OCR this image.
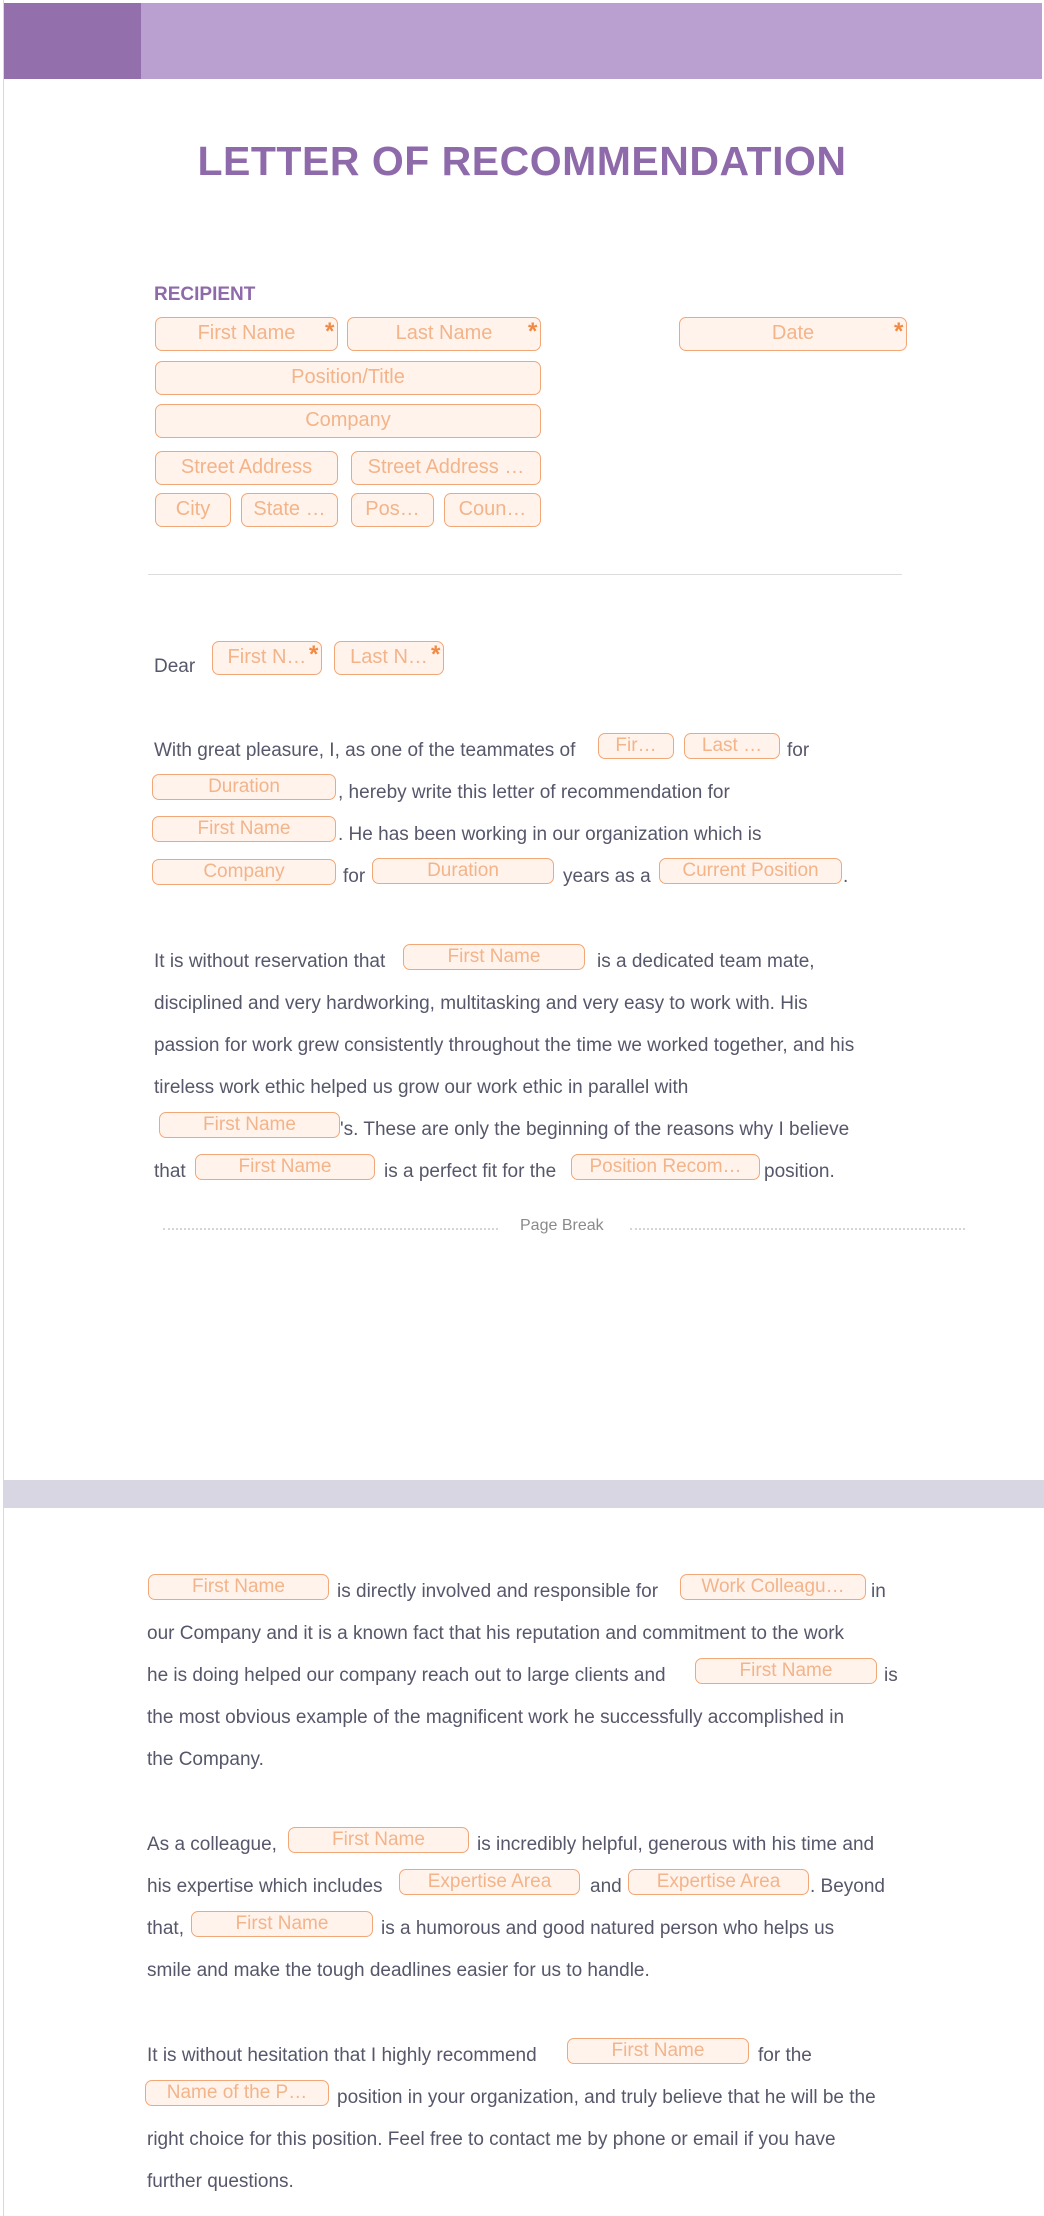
LETTER OF RECOMMENDATION
RECIPIENT
First Name	*	Last Name	*	Date	*
Position/Title
Company
Street Address	Street Address …
City	State …	Pos…	Coun…
Dear	First N… *	Last N… *
With great pleasure, I, as one of the teammates of	Fir…	Last …	for
Duration	, hereby write this letter of recommendation for
First Name	. He has been working in our organization which is
Company	for	Duration	years as a	Current Position	.
It is without reservation that	First Name	is a dedicated team mate,
disciplined and very hardworking, multitasking and very easy to work with. His
passion for work grew consistently throughout the time we worked together, and his
tireless work ethic helped us grow our work ethic in parallel with
First Name	's. These are only the beginning of the reasons why I believe
that	First Name	is a perfect fit for the	Position Recom…	position.
Page Break
First Name	is directly involved and responsible for	Work Colleagu…	in
our Company and it is a known fact that his reputation and commitment to the work
he is doing helped our company reach out to large clients and	First Name	is
the most obvious example of the magnificent work he successfully accomplished in
the Company.
As a colleague,	First Name	is incredibly helpful, generous with his time and
his expertise which includes	Expertise Area	and	Expertise Area	. Beyond
that,	First Name	is a humorous and good natured person who helps us
smile and make the tough deadlines easier for us to handle.
It is without hesitation that I highly recommend	First Name	for the
Name of the P…	position in your organization, and truly believe that he will be the
right choice for this position. Feel free to contact me by phone or email if you have
further questions.
